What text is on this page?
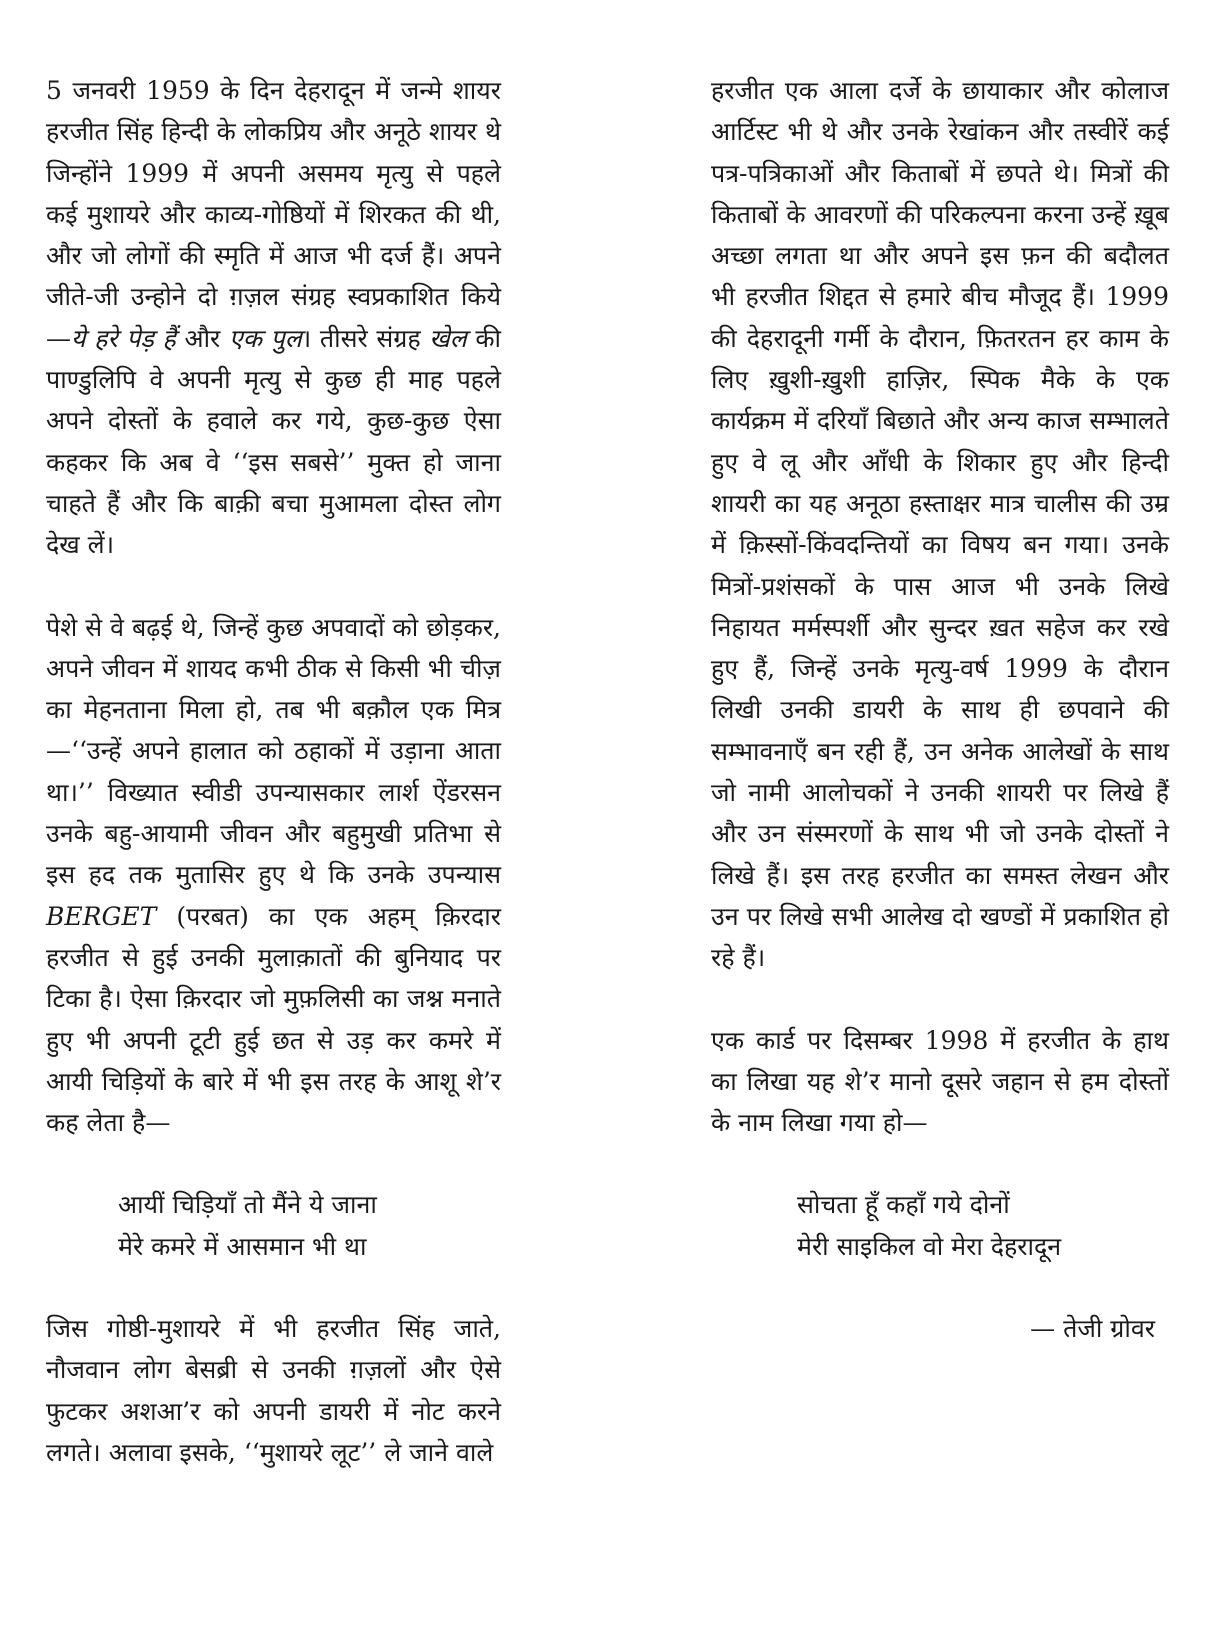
5 जनवरी 1959 के दिन देहरादून में जन्मे शायर हरजीत सिंह हिन्दी के लोकप्रिय और अनूठे शायर थे जिन्होंने 1999 में अपनी असमय मृत्यु से पहले कई मुशायरे और काव्य-गोष्ठियों में शिरकत की थी, और जो लोगों की स्मृति में आज भी दर्ज हैं। अपने जीते-जी उन्होने दो ग़ज़ल संग्रह स्वप्रकाशित किये—ये हरे पेड़ हैं और एक पुल। तीसरे संग्रह खेल की पाण्डुलिपि वे अपनी मृत्यु से कुछ ही माह पहले अपने दोस्तों के हवाले कर गये, कुछ-कुछ ऐसा कहकर कि अब वे ‘‘इस सबसे’’ मुक्त हो जाना चाहते हैं और कि बाक़ी बचा मुआमला दोस्त लोग देख लें।

पेशे से वे बढ़ई थे, जिन्हें कुछ अपवादों को छोड़कर, अपने जीवन में शायद कभी ठीक से किसी भी चीज़ का मेहनताना मिला हो, तब भी बक़ौल एक मित्र—‘‘उन्हें अपने हालात को ठहाकों में उड़ाना आता था।’’ विख्यात स्वीडी उपन्यासकार लार्श ऐंडरसन उनके बहु-आयामी जीवन और बहुमुखी प्रतिभा से इस हद तक मुतासिर हुए थे कि उनके उपन्यास BERGET (परबत) का एक अहम् क़िरदार हरजीत से हुई उनकी मुलाक़ातों की बुनियाद पर टिका है। ऐसा क़िरदार जो मुफ़लिसी का जश्न मनाते हुए भी अपनी टूटी हुई छत से उड़ कर कमरे में आयी चिड़ियों के बारे में भी इस तरह के आशू शे’र कह लेता है—

आयीं चिड़ियाँ तो मैंने ये जाना
मेरे कमरे में आसमान भी था

जिस गोष्ठी-मुशायरे में भी हरजीत सिंह जाते, नौजवान लोग बेसब्री से उनकी ग़ज़लों और ऐसे फुटकर अशआ’र को अपनी डायरी में नोट करने लगते। अलावा इसके, ‘‘मुशायरे लूट’’ ले जाने वाले

हरजीत एक आला दर्जे के छायाकार और कोलाज आर्टिस्ट भी थे और उनके रेखांकन और तस्वीरें कई पत्र-पत्रिकाओं और किताबों में छपते थे। मित्रों की किताबों के आवरणों की परिकल्पना करना उन्हें ख़ूब अच्छा लगता था और अपने इस फ़न की बदौलत भी हरजीत शिद्दत से हमारे बीच मौजूद हैं। 1999 की देहरादूनी गर्मी के दौरान, फ़ितरतन हर काम के लिए ख़ुशी-ख़ुशी हाज़िर, स्पिक मैके के एक कार्यक्रम में दरियाँ बिछाते और अन्य काज सम्भालते हुए वे लू और आँधी के शिकार हुए और हिन्दी शायरी का यह अनूठा हस्ताक्षर मात्र चालीस की उम्र में क़िस्सों-किंवदन्तियों का विषय बन गया। उनके मित्रों-प्रशंसकों के पास आज भी उनके लिखे निहायत मर्मस्पर्शी और सुन्दर ख़त सहेज कर रखे हुए हैं, जिन्हें उनके मृत्यु-वर्ष 1999 के दौरान लिखी उनकी डायरी के साथ ही छपवाने की सम्भावनाएँ बन रही हैं, उन अनेक आलेखों के साथ जो नामी आलोचकों ने उनकी शायरी पर लिखे हैं और उन संस्मरणों के साथ भी जो उनके दोस्तों ने लिखे हैं। इस तरह हरजीत का समस्त लेखन और उन पर लिखे सभी आलेख दो खण्डों में प्रकाशित हो रहे हैं।

एक कार्ड पर दिसम्बर 1998 में हरजीत के हाथ का लिखा यह शे’र मानो दूसरे जहान से हम दोस्तों के नाम लिखा गया हो—

सोचता हूँ कहाँ गये दोनों
मेरी साइकिल वो मेरा देहरादून
— तेजी ग्रोवर
